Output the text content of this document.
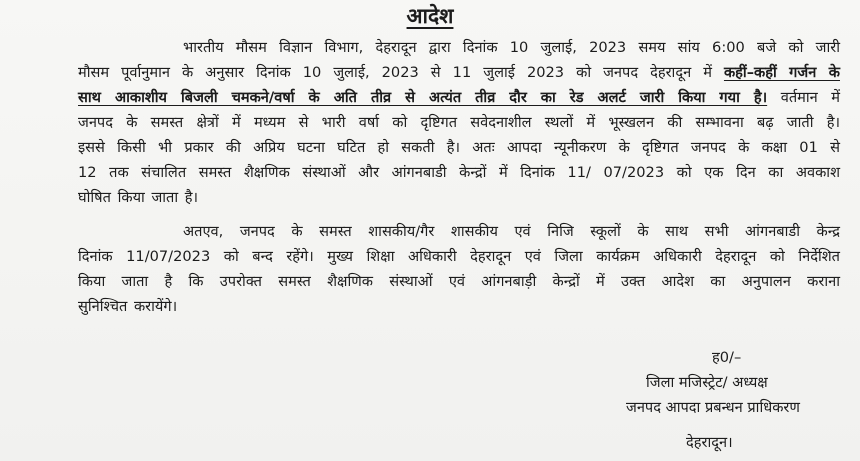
आदेश
भारतीय मौसम विज्ञान विभाग, देहरादून द्वारा दिनांक 10 जुलाई, 2023 समय सांय 6:00 बजे को जारी
मौसम पूर्वानुमान के अनुसार दिनांक 10 जुलाई, 2023 से 11 जुलाई 2023 को जनपद देहरादून में कहीं–कहीं गर्जन के
साथ आकाशीय बिजली चमकने/वर्षा के अति तीव्र से अत्यंत तीव्र दौर का रेड अलर्ट जारी किया गया है। वर्तमान में
जनपद के समस्त क्षेत्रों में मध्यम से भारी वर्षा को दृष्टिगत सवेदनाशील स्थलों में भूस्खलन की सम्भावना बढ़ जाती है।
इससे किसी भी प्रकार की अप्रिय घटना घटित हो सकती है। अतः आपदा न्यूनीकरण के दृष्टिगत जनपद के कक्षा 01 से
12 तक संचालित समस्त शैक्षणिक संस्थाओं और आंगनबाडी केन्द्रों में दिनांक 11/ 07/2023 को एक दिन का अवकाश
घोषित किया जाता है।
अतएव, जनपद के समस्त शासकीय/गैर शासकीय एवं निजि स्कूलों के साथ सभी आंगनबाडी केन्द्र
दिनांक 11/07/2023 को बन्द रहेंगे। मुख्य शिक्षा अधिकारी देहरादून एवं जिला कार्यक्रम अधिकारी देहरादून को निर्देशित
किया जाता है कि उपरोक्त समस्त शैक्षणिक संस्थाओं एवं आंगनबाड़ी केन्द्रों में उक्त आदेश का अनुपालन कराना
सुनिश्चित करायेंगे।
ह0/–
जिला मजिस्ट्रेट/ अध्यक्ष
जनपद आपदा प्रबन्धन प्राधिकरण
देहरादून।
